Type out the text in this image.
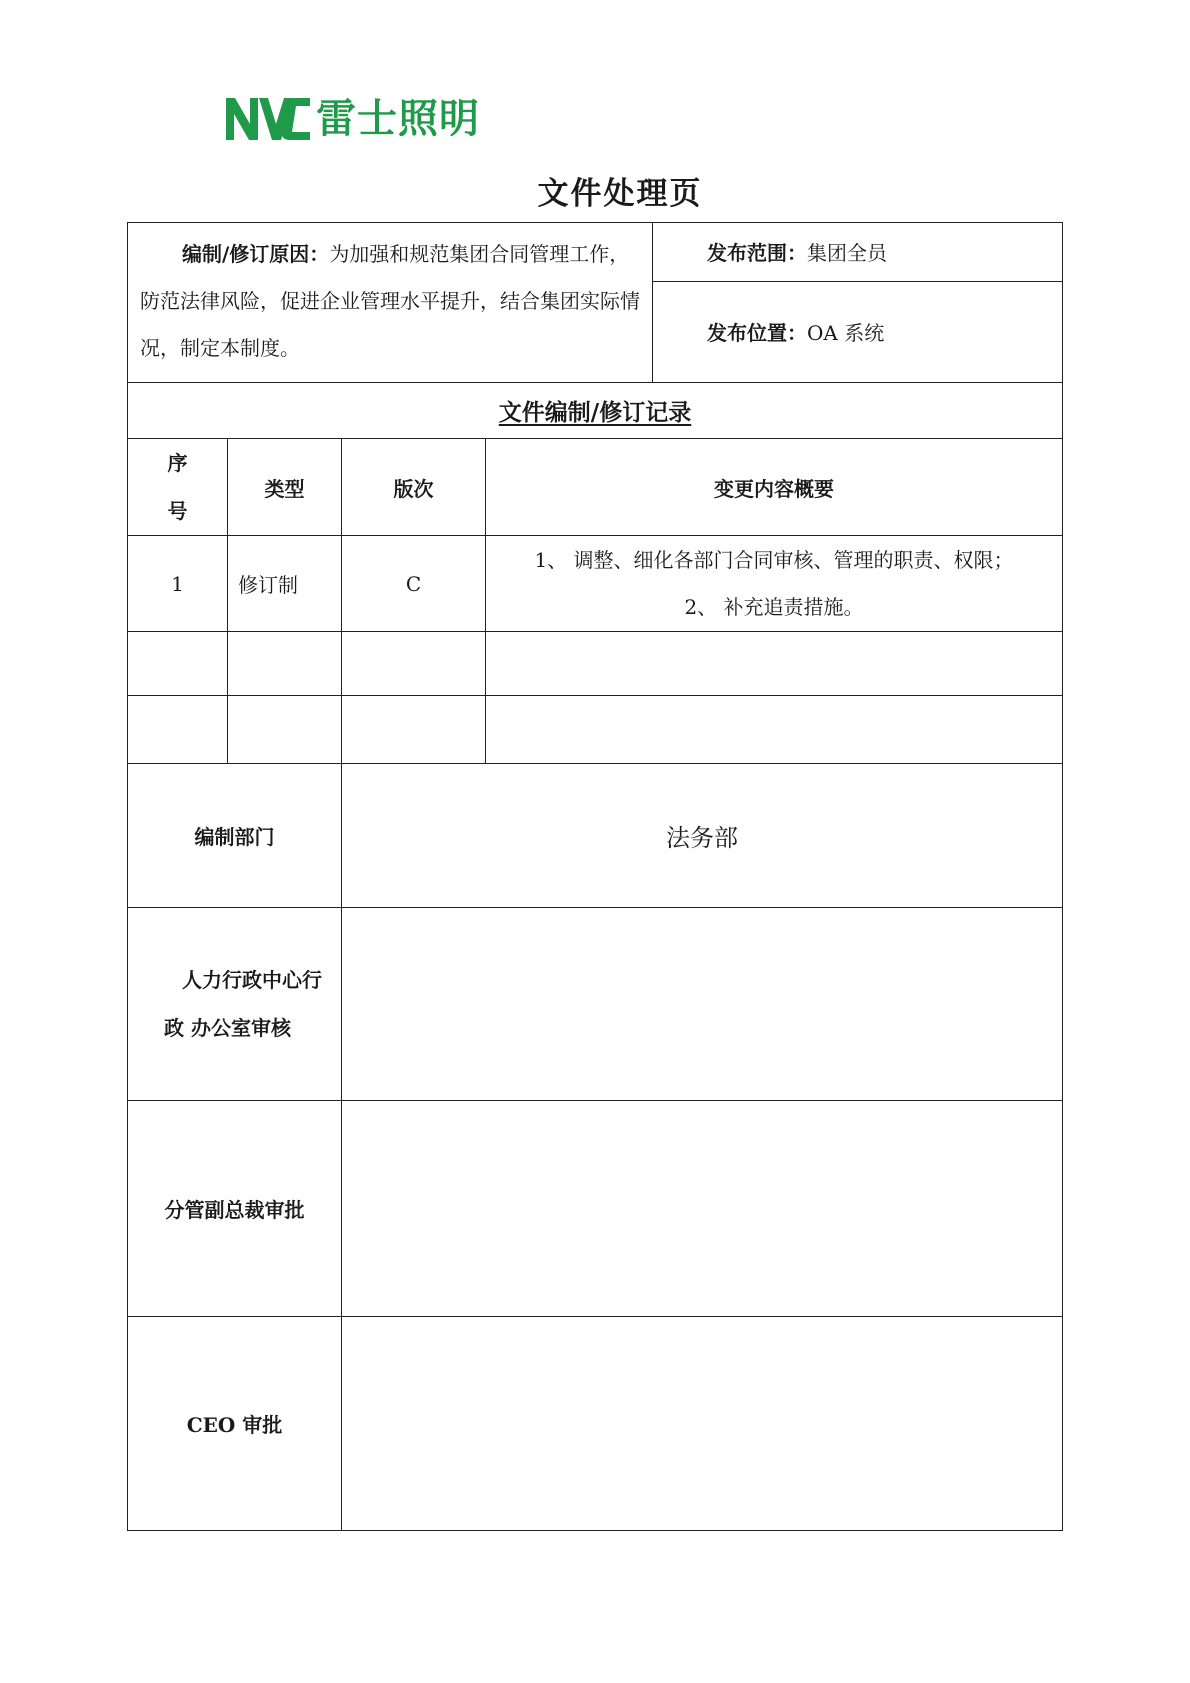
雷士照明
文件处理页
编制/修订原因：为加强和规范集团合同管理工作，防范法律风险，促进企业管理水平提升，结合集团实际情况，制定本制度。				发布范围：集团全员
				发布位置：OA 系统
文件编制/修订记录				

序
号	类型	版次	变更内容概要	
1	修订制	C	1、 调整、细化各部门合同审核、管理的职责、权限；
2、 补充追责措施。	

编制部门		法务部		
人力行政中心行政 办公室审核				
分管副总裁审批				
CEO 审批				
